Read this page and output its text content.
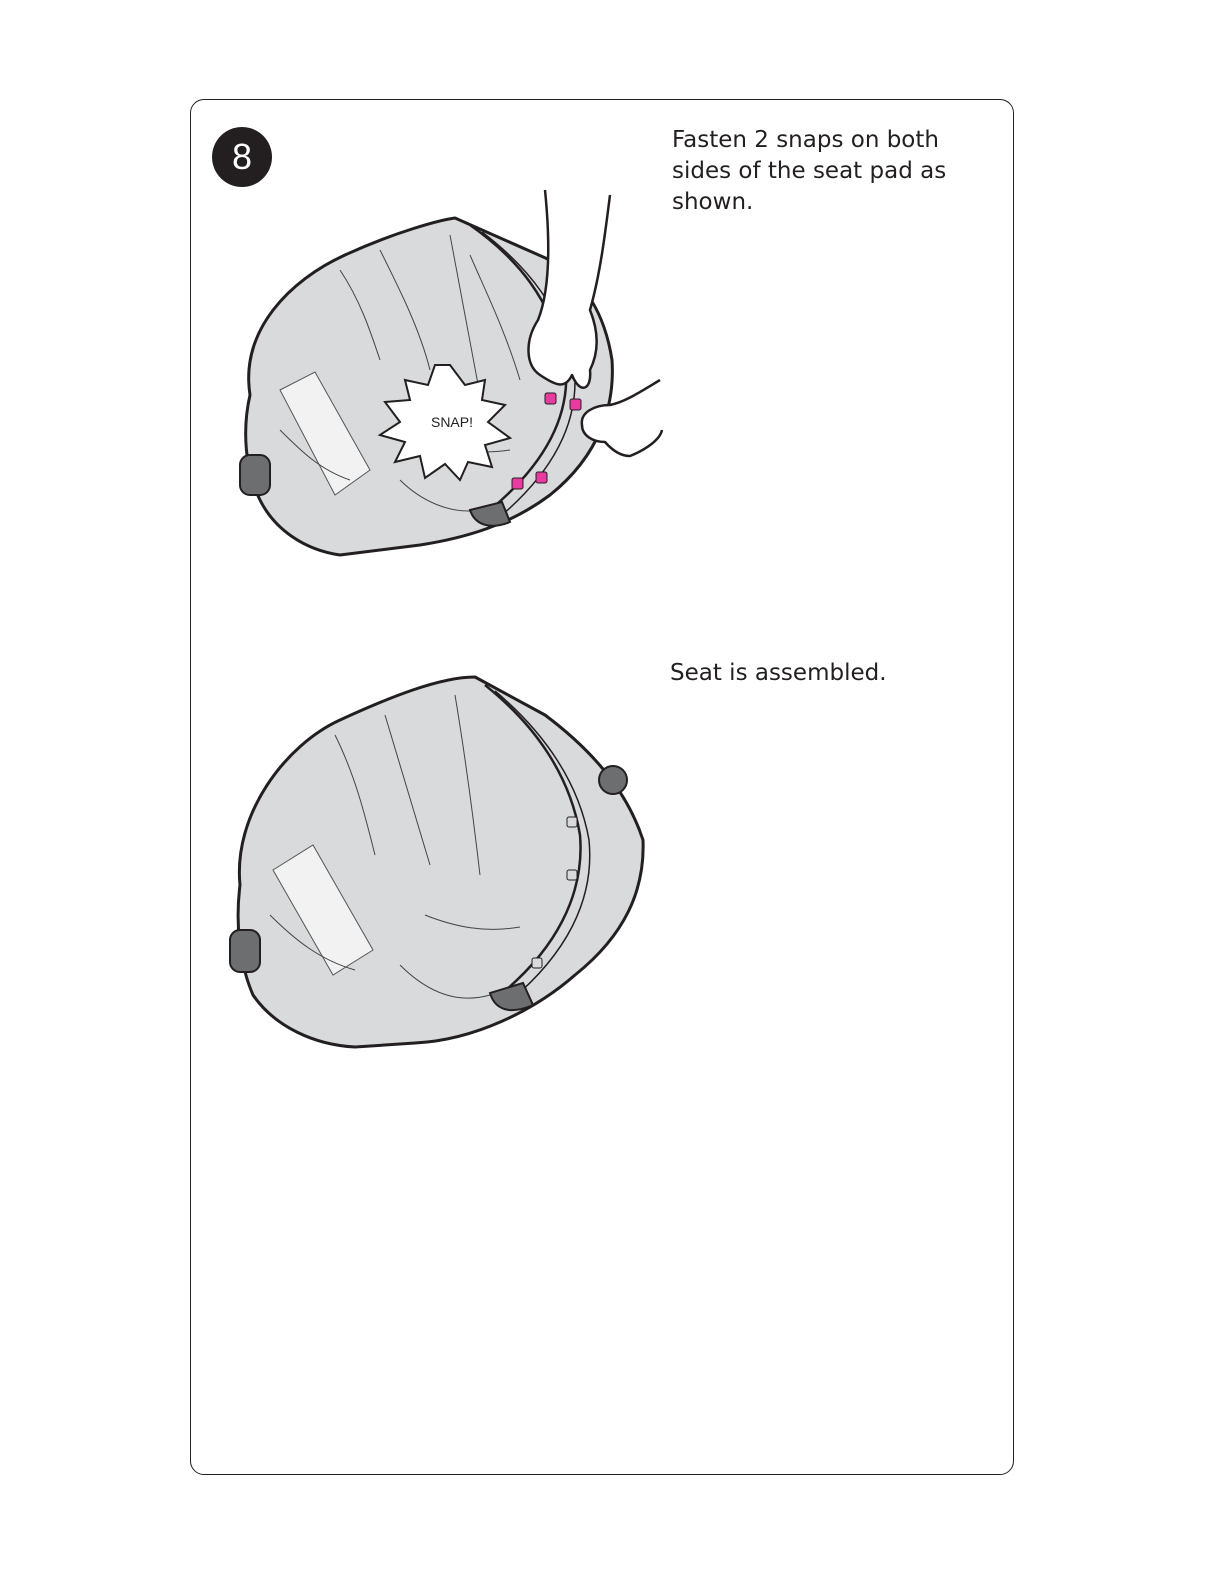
8	Fasten 2 snaps on both sides of the seat pad as shown.

Seat is assembled.

SNAP!
